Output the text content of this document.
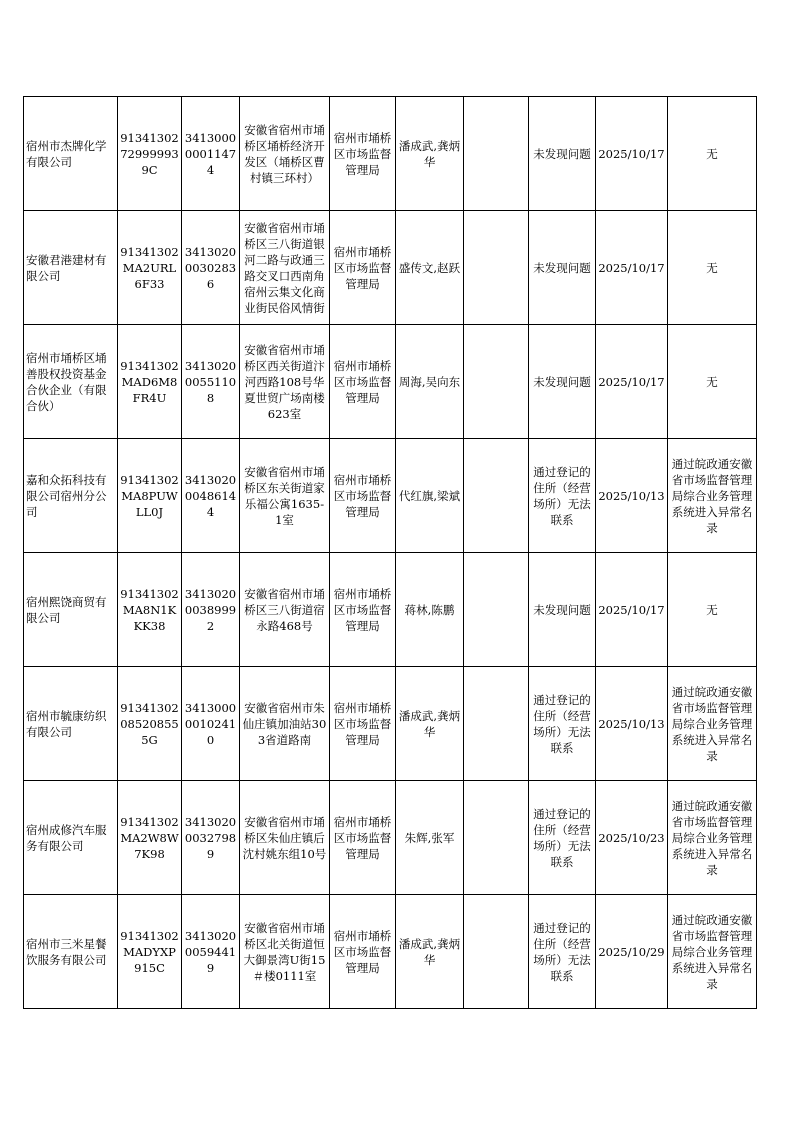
宿州市杰牌化学有限公司	91341302729999939C	341300000011474	安徽省宿州市埇桥区埇桥经济开发区（埇桥区曹村镇三环村）	宿州市埇桥区市场监督管理局	潘成武,龚炳华		未发现问题	2025/10/17	无

安徽君港建材有限公司	91341302MA2URL6F33	341302000302836	安徽省宿州市埇桥区三八街道银河二路与政通三路交叉口西南角宿州云集文化商业街民俗风情街	宿州市埇桥区市场监督管理局	盛传文,赵跃		未发现问题	2025/10/17	无

宿州市埇桥区埇善股权投资基金合伙企业（有限合伙）	91341302MAD6M8FR4U	341302000551108	安徽省宿州市埇桥区西关街道汴河西路108号华夏世贸广场南楼623室	宿州市埇桥区市场监督管理局	周海,吴向东		未发现问题	2025/10/17	无

嘉和众拓科技有限公司宿州分公司	91341302MA8PUWLL0J	341302000486144	安徽省宿州市埇桥区东关街道家乐福公寓1635-1室	宿州市埇桥区市场监督管理局	代红旗,梁斌		通过登记的住所（经营场所）无法联系	2025/10/13	通过皖政通安徽省市场监督管理局综合业务管理系统进入异常名录

宿州熙饶商贸有限公司	91341302MA8N1KKK38	341302000389992	安徽省宿州市埇桥区三八街道宿永路468号	宿州市埇桥区市场监督管理局	蒋林,陈鹏		未发现问题	2025/10/17	无

宿州市毓康纺织有限公司	9134130208520855 5G	341300000102410	安徽省宿州市朱仙庄镇加油站303省道路南	宿州市埇桥区市场监督管理局	潘成武,龚炳华		通过登记的住所（经营场所）无法联系	2025/10/13	通过皖政通安徽省市场监督管理局综合业务管理系统进入异常名录

宿州成修汽车服务有限公司	91341302MA2W8W7K98	341302000327989	安徽省宿州市埇桥区朱仙庄镇后沈村姚东组10号	宿州市埇桥区市场监督管理局	朱辉,张军		通过登记的住所（经营场所）无法联系	2025/10/23	通过皖政通安徽省市场监督管理局综合业务管理系统进入异常名录

宿州市三米星餐饮服务有限公司	91341302MADYXP915C	341302000594419	安徽省宿州市埇桥区北关街道恒大御景湾U街15＃楼0111室	宿州市埇桥区市场监督管理局	潘成武,龚炳华		通过登记的住所（经营场所）无法联系	2025/10/29	通过皖政通安徽省市场监督管理局综合业务管理系统进入异常名录
